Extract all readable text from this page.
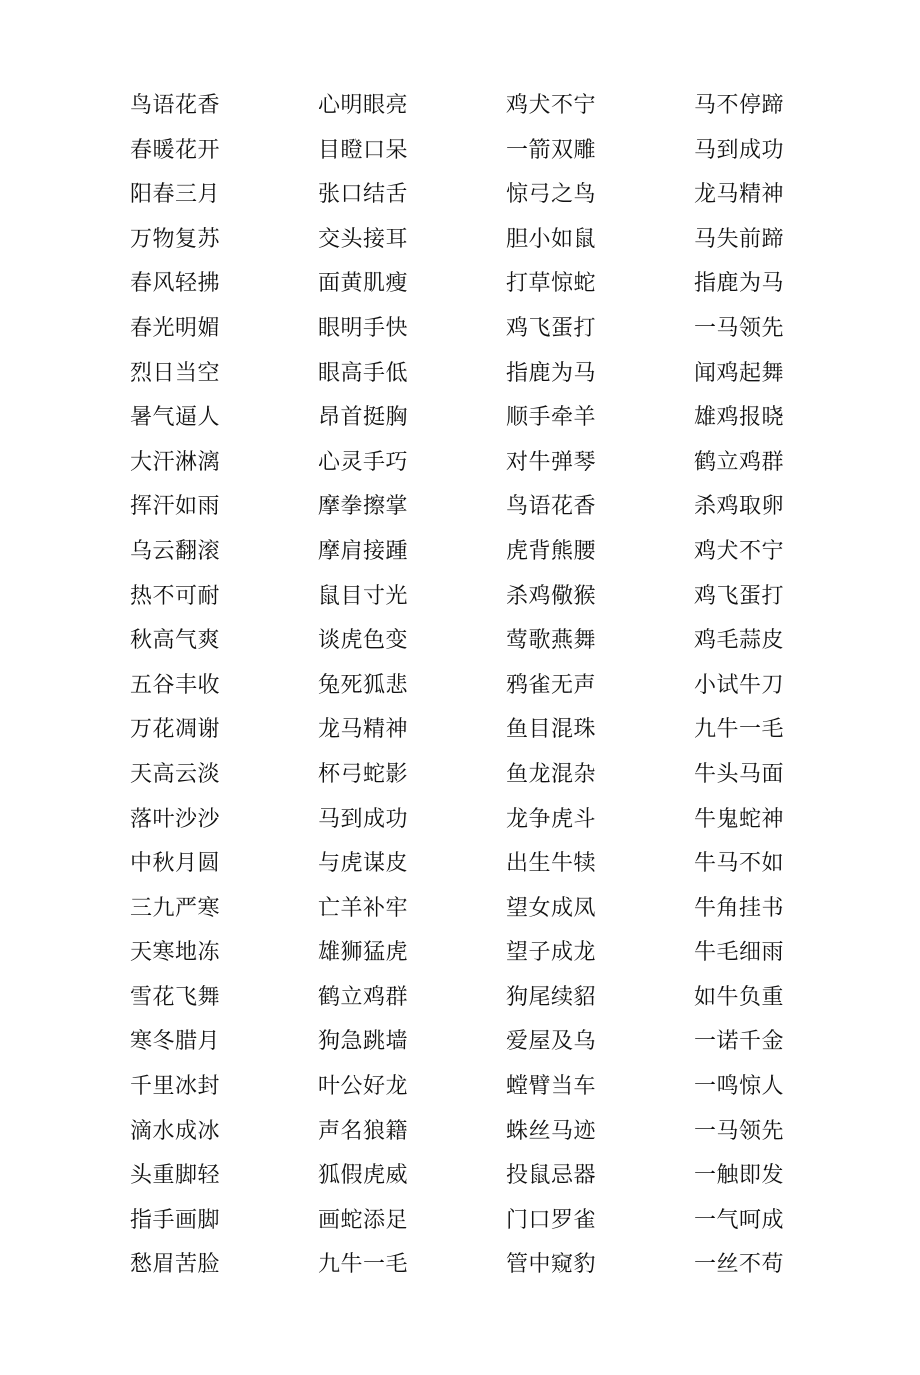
鸟语花香	心明眼亮	鸡犬不宁	马不停蹄
春暖花开	目瞪口呆	一箭双雕	马到成功
阳春三月	张口结舌	惊弓之鸟	龙马精神
万物复苏	交头接耳	胆小如鼠	马失前蹄
春风轻拂	面黄肌瘦	打草惊蛇	指鹿为马
春光明媚	眼明手快	鸡飞蛋打	一马领先
烈日当空	眼高手低	指鹿为马	闻鸡起舞
暑气逼人	昂首挺胸	顺手牵羊	雄鸡报晓
大汗淋漓	心灵手巧	对牛弹琴	鹤立鸡群
挥汗如雨	摩拳擦掌	鸟语花香	杀鸡取卵
乌云翻滚	摩肩接踵	虎背熊腰	鸡犬不宁
热不可耐	鼠目寸光	杀鸡儆猴	鸡飞蛋打
秋高气爽	谈虎色变	莺歌燕舞	鸡毛蒜皮
五谷丰收	兔死狐悲	鸦雀无声	小试牛刀
万花凋谢	龙马精神	鱼目混珠	九牛一毛
天高云淡	杯弓蛇影	鱼龙混杂	牛头马面
落叶沙沙	马到成功	龙争虎斗	牛鬼蛇神
中秋月圆	与虎谋皮	出生牛犊	牛马不如
三九严寒	亡羊补牢	望女成凤	牛角挂书
天寒地冻	雄狮猛虎	望子成龙	牛毛细雨
雪花飞舞	鹤立鸡群	狗尾续貂	如牛负重
寒冬腊月	狗急跳墙	爱屋及乌	一诺千金
千里冰封	叶公好龙	螳臂当车	一鸣惊人
滴水成冰	声名狼籍	蛛丝马迹	一马领先
头重脚轻	狐假虎威	投鼠忌器	一触即发
指手画脚	画蛇添足	门口罗雀	一气呵成
愁眉苦脸	九牛一毛	管中窥豹	一丝不苟
